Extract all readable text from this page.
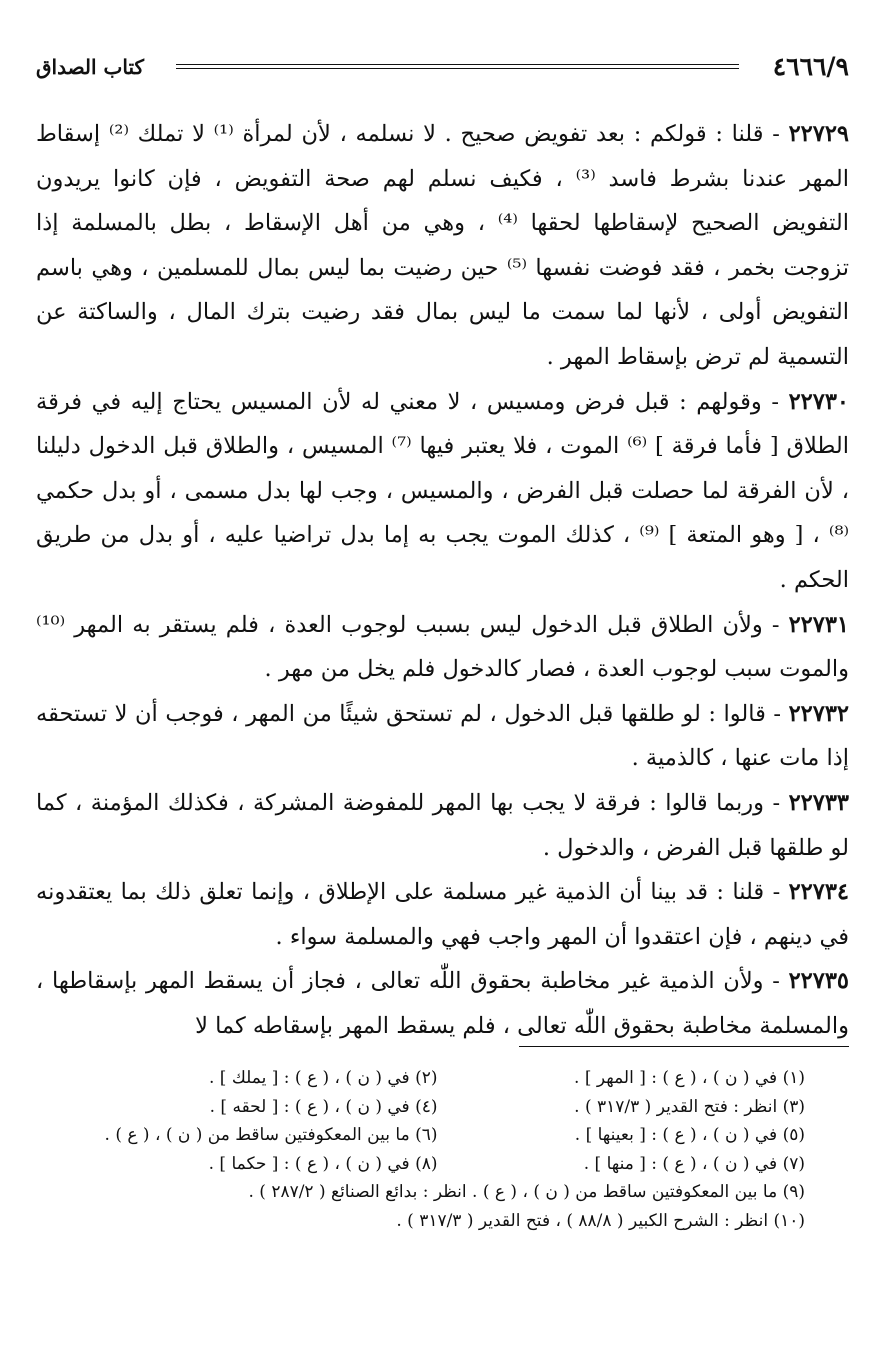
٤٦٦٦/٩
كتاب الصداق

٢٢٧٢٩ - قلنا : قولكم : بعد تفويض صحيح . لا نسلمه ، لأن لمرأة ⁽¹⁾ لا تملك ⁽²⁾ إسقاط المهر عندنا بشرط فاسد ⁽³⁾ ، فكيف نسلم لهم صحة التفويض ، فإن كانوا يريدون التفويض الصحيح لإسقاطها لحقها ⁽⁴⁾ ، وهي من أهل الإسقاط ، بطل بالمسلمة إذا تزوجت بخمر ، فقد فوضت نفسها ⁽⁵⁾ حين رضيت بما ليس بمال للمسلمين ، وهي باسم التفويض أولى ، لأنها لما سمت ما ليس بمال فقد رضيت بترك المال ، والساكتة عن التسمية لم ترض بإسقاط المهر .

٢٢٧٣٠ - وقولهم : قبل فرض ومسيس ، لا معني له لأن المسيس يحتاج إليه في فرقة الطلاق [ فأما فرقة ] ⁽⁶⁾ الموت ، فلا يعتبر فيها ⁽⁷⁾ المسيس ، والطلاق قبل الدخول دليلنا ، لأن الفرقة لما حصلت قبل الفرض ، والمسيس ، وجب لها بدل مسمى ، أو بدل حكمي ⁽⁸⁾ ، [ وهو المتعة ] ⁽⁹⁾ ، كذلك الموت يجب به إما بدل تراضيا عليه ، أو بدل من طريق الحكم .

٢٢٧٣١ - ولأن الطلاق قبل الدخول ليس بسبب لوجوب العدة ، فلم يستقر به المهر ⁽¹⁰⁾ والموت سبب لوجوب العدة ، فصار كالدخول فلم يخل من مهر .

٢٢٧٣٢ - قالوا : لو طلقها قبل الدخول ، لم تستحق شيئًا من المهر ، فوجب أن لا تستحقه إذا مات عنها ، كالذمية .

٢٢٧٣٣ - وربما قالوا : فرقة لا يجب بها المهر للمفوضة المشركة ، فكذلك المؤمنة ، كما لو طلقها قبل الفرض ، والدخول .

٢٢٧٣٤ - قلنا : قد بينا أن الذمية غير مسلمة على الإطلاق ، وإنما تعلق ذلك بما يعتقدونه في دينهم ، فإن اعتقدوا أن المهر واجب فهي والمسلمة سواء .

٢٢٧٣٥ - ولأن الذمية غير مخاطبة بحقوق اللّٰه تعالى ، فجاز أن يسقط المهر بإسقاطها ، والمسلمة مخاطبة بحقوق اللّٰه تعالى ، فلم يسقط المهر بإسقاطه كما لا

(١) في ( ن ) ، ( ع ) : [ المهر ] .
(٢) في ( ن ) ، ( ع ) : [ يملك ] .
(٣) انظر : فتح القدير ( ٣١٧/٣ ) .
(٤) في ( ن ) ، ( ع ) : [ لحقه ] .
(٥) في ( ن ) ، ( ع ) : [ بعينها ] .
(٦) ما بين المعكوفتين ساقط من ( ن ) ، ( ع ) .
(٧) في ( ن ) ، ( ع ) : [ منها ] .
(٨) في ( ن ) ، ( ع ) : [ حكما ] .
(٩) ما بين المعكوفتين ساقط من ( ن ) ، ( ع ) . انظر : بدائع الصنائع ( ٢٨٧/٢ ) .
(١٠) انظر : الشرح الكبير ( ٨٨/٨ ) ، فتح القدير ( ٣١٧/٣ ) .
